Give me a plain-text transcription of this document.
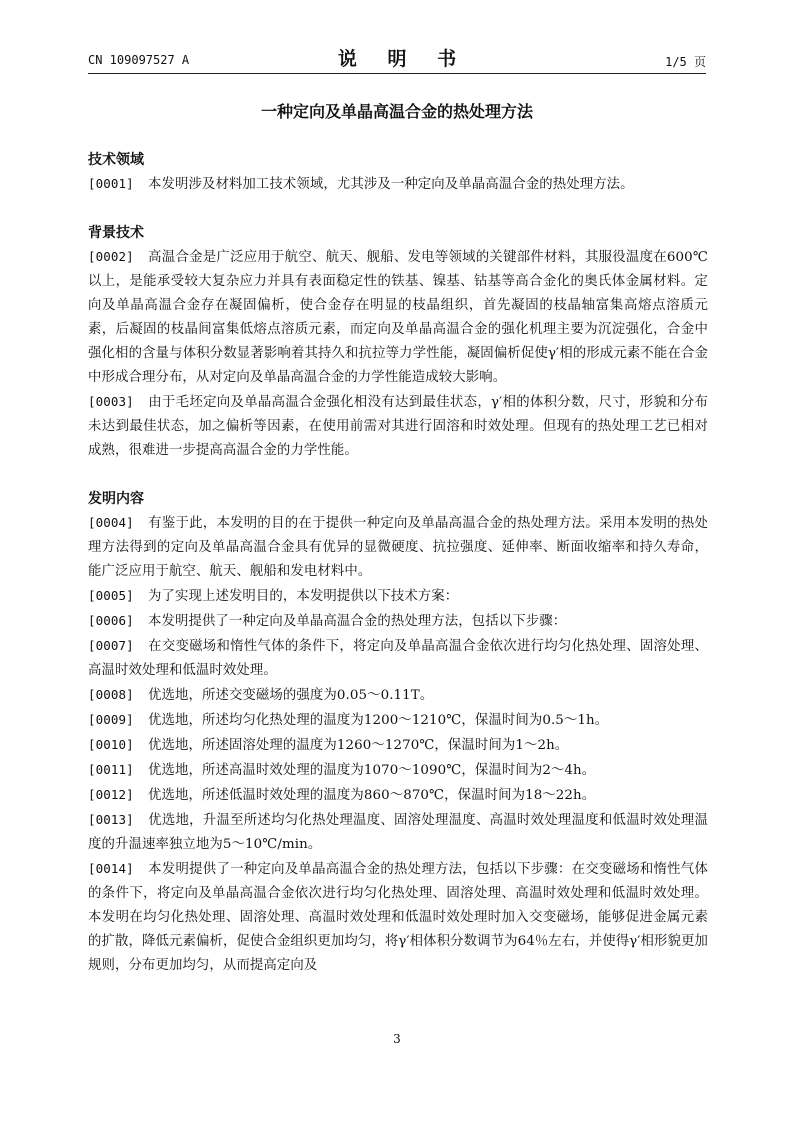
CN 109097527 A	说 明 书	1/5 页
一种定向及单晶高温合金的热处理方法
技术领域
[0001] 本发明涉及材料加工技术领域，尤其涉及一种定向及单晶高温合金的热处理方法。
背景技术
[0002] 高温合金是广泛应用于航空、航天、舰船、发电等领域的关键部件材料，其服役温度在600℃以上，是能承受较大复杂应力并具有表面稳定性的铁基、镍基、钴基等高合金化的奥氏体金属材料。定向及单晶高温合金存在凝固偏析，使合金存在明显的枝晶组织，首先凝固的枝晶轴富集高熔点溶质元素，后凝固的枝晶间富集低熔点溶质元素，而定向及单晶高温合金的强化机理主要为沉淀强化，合金中强化相的含量与体积分数显著影响着其持久和抗拉等力学性能，凝固偏析促使γ′相的形成元素不能在合金中形成合理分布，从对定向及单晶高温合金的力学性能造成较大影响。
[0003] 由于毛坯定向及单晶高温合金强化相没有达到最佳状态，γ′相的体积分数，尺寸，形貌和分布未达到最佳状态，加之偏析等因素，在使用前需对其进行固溶和时效处理。但现有的热处理工艺已相对成熟，很难进一步提高高温合金的力学性能。
发明内容
[0004] 有鉴于此，本发明的目的在于提供一种定向及单晶高温合金的热处理方法。采用本发明的热处理方法得到的定向及单晶高温合金具有优异的显微硬度、抗拉强度、延伸率、断面收缩率和持久寿命，能广泛应用于航空、航天、舰船和发电材料中。
[0005] 为了实现上述发明目的，本发明提供以下技术方案：
[0006] 本发明提供了一种定向及单晶高温合金的热处理方法，包括以下步骤：
[0007] 在交变磁场和惰性气体的条件下，将定向及单晶高温合金依次进行均匀化热处理、固溶处理、高温时效处理和低温时效处理。
[0008] 优选地，所述交变磁场的强度为0.05～0.11T。
[0009] 优选地，所述均匀化热处理的温度为1200～1210℃，保温时间为0.5～1h。
[0010] 优选地，所述固溶处理的温度为1260～1270℃，保温时间为1～2h。
[0011] 优选地，所述高温时效处理的温度为1070～1090℃，保温时间为2～4h。
[0012] 优选地，所述低温时效处理的温度为860～870℃，保温时间为18～22h。
[0013] 优选地，升温至所述均匀化热处理温度、固溶处理温度、高温时效处理温度和低温时效处理温度的升温速率独立地为5～10℃/min。
[0014] 本发明提供了一种定向及单晶高温合金的热处理方法，包括以下步骤：在交变磁场和惰性气体的条件下，将定向及单晶高温合金依次进行均匀化热处理、固溶处理、高温时效处理和低温时效处理。本发明在均匀化热处理、固溶处理、高温时效处理和低温时效处理时加入交变磁场，能够促进金属元素的扩散，降低元素偏析，促使合金组织更加均匀，将γ′相体积分数调节为64％左右，并使得γ′相形貌更加规则，分布更加均匀，从而提高定向及
3
